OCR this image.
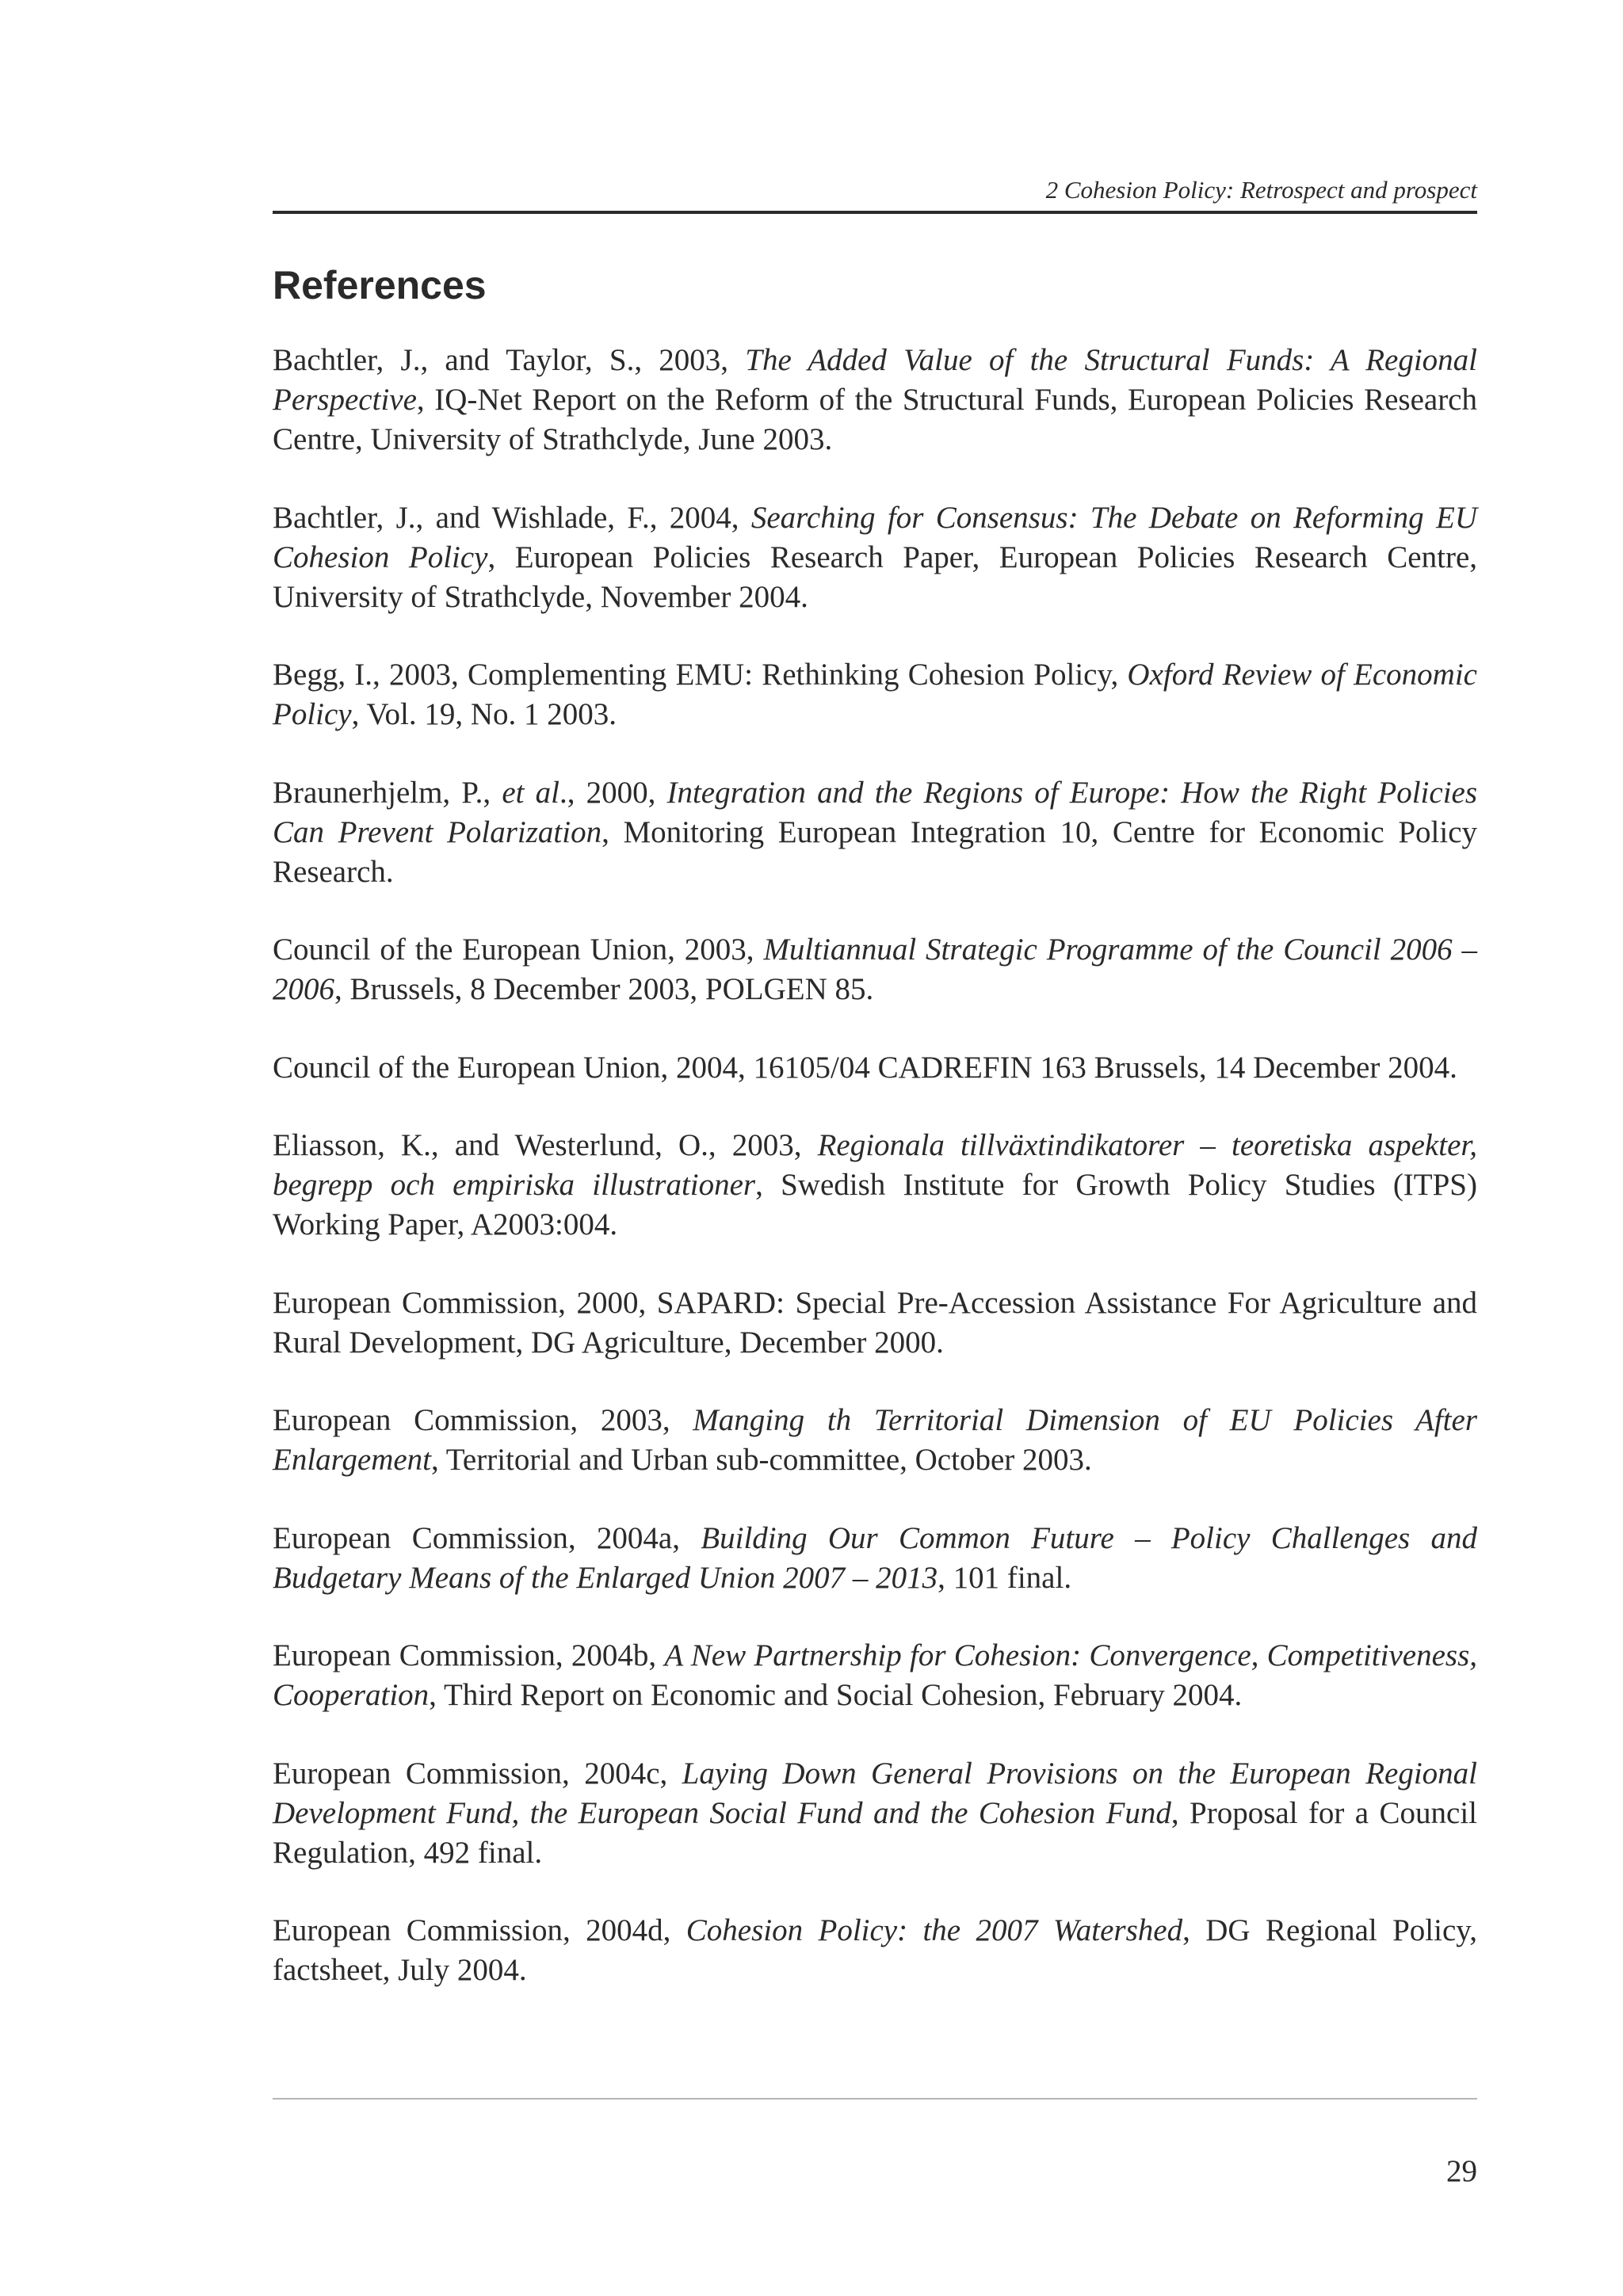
2 Cohesion Policy: Retrospect and prospect
References
Bachtler, J., and Taylor, S., 2003, The Added Value of the Structural Funds: A Regional Perspective, IQ-Net Report on the Reform of the Structural Funds, European Policies Research Centre, University of Strathclyde, June 2003.
Bachtler, J., and Wishlade, F., 2004, Searching for Consensus: The Debate on Reforming EU Cohesion Policy, European Policies Research Paper, European Policies Research Centre, University of Strathclyde, November 2004.
Begg, I., 2003, Complementing EMU: Rethinking Cohesion Policy, Oxford Review of Economic Policy, Vol. 19, No. 1 2003.
Braunerhjelm, P., et al., 2000, Integration and the Regions of Europe: How the Right Policies Can Prevent Polarization, Monitoring European Integration 10, Centre for Economic Policy Research.
Council of the European Union, 2003, Multiannual Strategic Programme of the Council 2006 – 2006, Brussels, 8 December 2003, POLGEN 85.
Council of the European Union, 2004, 16105/04 CADREFIN 163 Brussels, 14 December 2004.
Eliasson, K., and Westerlund, O., 2003, Regionala tillväxtindikatorer – teoretiska aspekter, begrepp och empiriska illustrationer, Swedish Institute for Growth Policy Studies (ITPS) Working Paper, A2003:004.
European Commission, 2000, SAPARD: Special Pre-Accession Assistance For Agriculture and Rural Development, DG Agriculture, December 2000.
European Commission, 2003, Manging th Territorial Dimension of EU Policies After Enlargement, Territorial and Urban sub-committee, October 2003.
European Commission, 2004a, Building Our Common Future – Policy Challenges and Budgetary Means of the Enlarged Union 2007 – 2013, 101 final.
European Commission, 2004b, A New Partnership for Cohesion: Convergence, Competitiveness, Cooperation, Third Report on Economic and Social Cohesion, February 2004.
European Commission, 2004c, Laying Down General Provisions on the European Regional Development Fund, the European Social Fund and the Cohesion Fund, Proposal for a Council Regulation, 492 final.
European Commission, 2004d, Cohesion Policy: the 2007 Watershed, DG Regional Policy, factsheet, July 2004.
29
